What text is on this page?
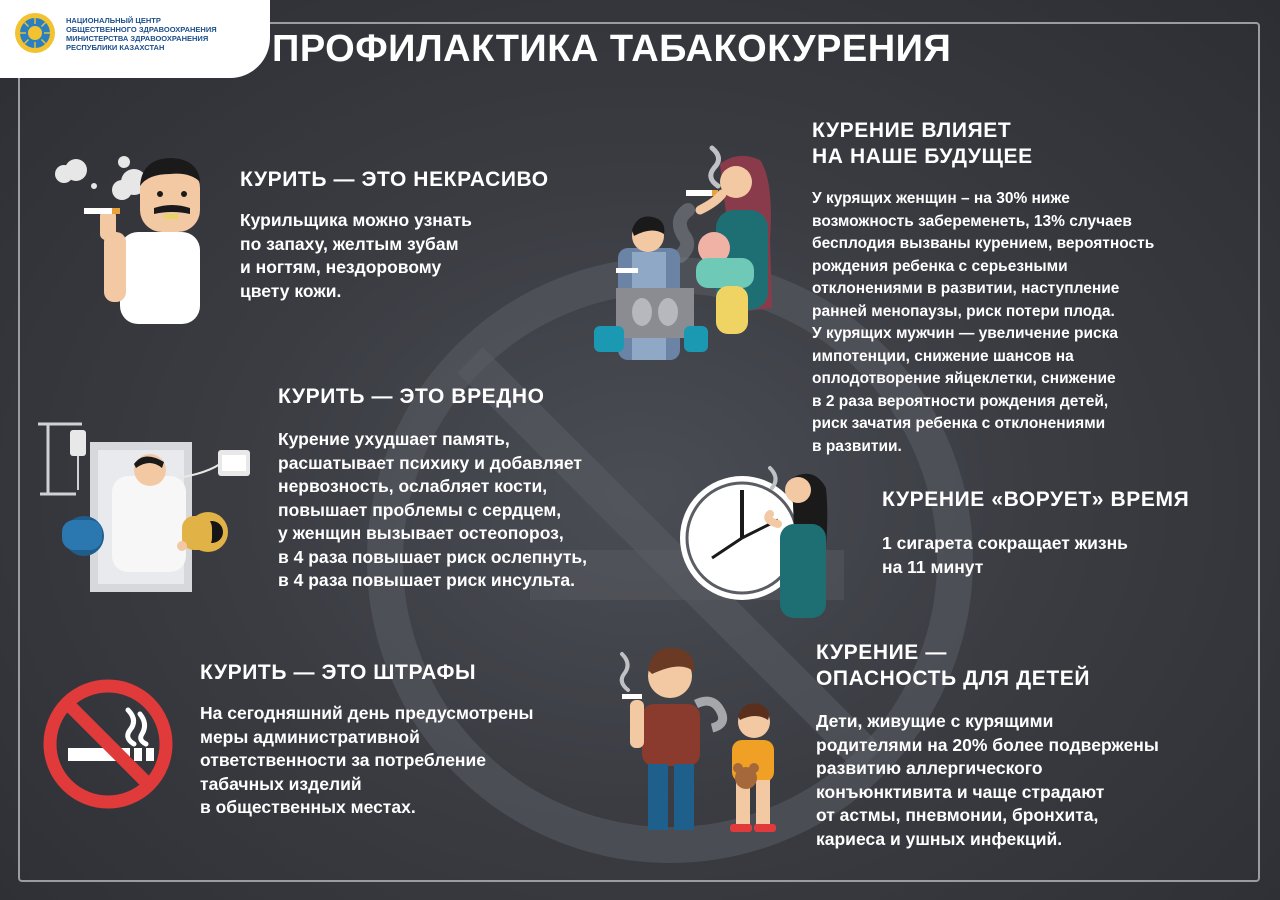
НАЦИОНАЛЬНЫЙ ЦЕНТР
ОБЩЕСТВЕННОГО ЗДРАВООХРАНЕНИЯ
МИНИСТЕРСТВА ЗДРАВООХРАНЕНИЯ
РЕСПУБЛИКИ КАЗАХСТАН	ПРОФИЛАКТИКА ТАБАКОКУРЕНИЯ
КУРИТЬ — ЭТО НЕКРАСИВО
Курильщика можно узнать
по запаху, желтым зубам
и ногтям, нездоровому
цвету кожи.
КУРИТЬ — ЭТО ВРЕДНО
Курение ухудшает память,
расшатывает психику и добавляет
нервозность, ослабляет кости,
повышает проблемы с сердцем,
у женщин вызывает остеопороз,
в 4 раза повышает риск ослепнуть,
в 4 раза повышает риск инсульта.
КУРИТЬ — ЭТО ШТРАФЫ
На сегодняшний день предусмотрены
меры административной
ответственности за потребление
табачных изделий
в общественных местах.
КУРЕНИЕ ВЛИЯЕТ
НА НАШЕ БУДУЩЕЕ
У курящих женщин – на 30% ниже
возможность забеременеть, 13% случаев
бесплодия вызваны курением, вероятность
рождения ребенка с серьезными
отклонениями в развитии, наступление
ранней менопаузы, риск потери плода.
У курящих мужчин — увеличение риска
импотенции, снижение шансов на
оплодотворение яйцеклетки, снижение
в 2 раза вероятности рождения детей,
риск зачатия ребенка с отклонениями
в развитии.
КУРЕНИЕ «ВОРУЕТ» ВРЕМЯ
1 сигарета сокращает жизнь
на 11 минут
КУРЕНИЕ —
ОПАСНОСТЬ ДЛЯ ДЕТЕЙ
Дети, живущие с курящими
родителями на 20% более подвержены
развитию аллергического
конъюнктивита и чаще страдают
от астмы, пневмонии, бронхита,
кариеса и ушных инфекций.
